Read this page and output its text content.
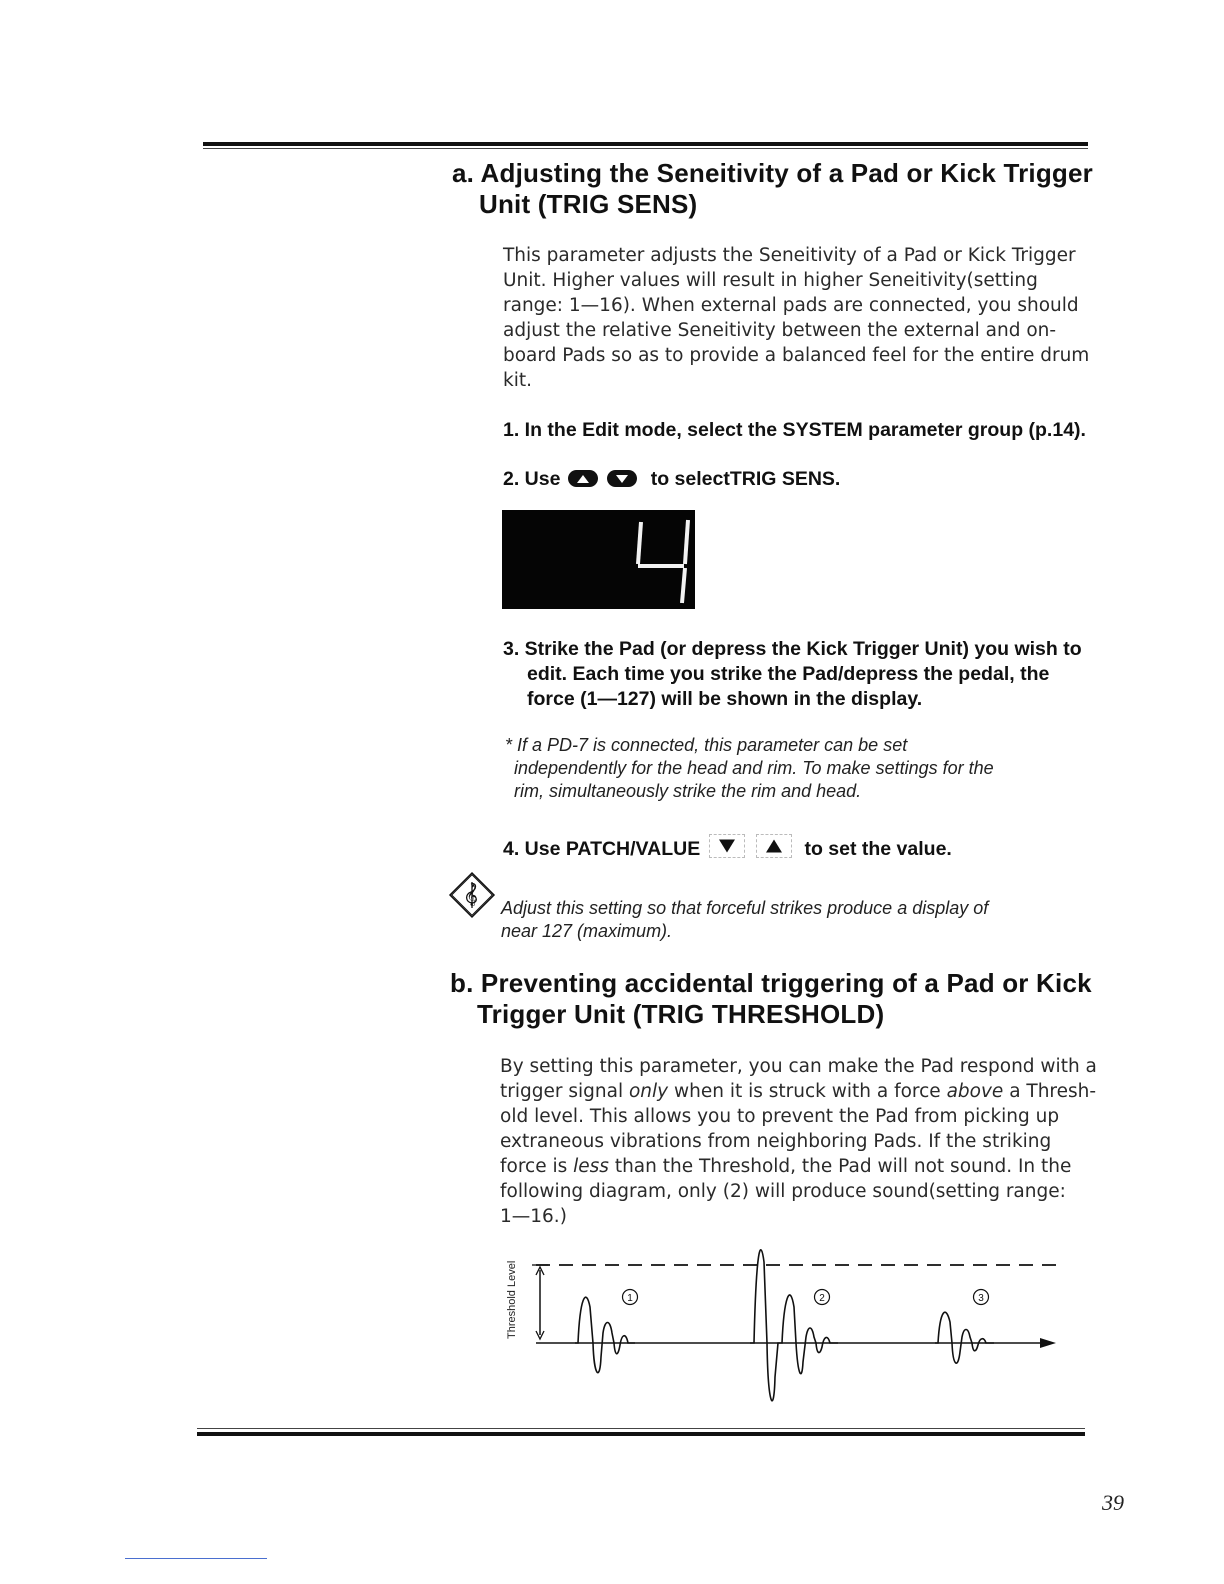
a. Adjusting the Seneitivity of a Pad or Kick Trigger
Unit (TRIG SENS)
This parameter adjusts the Seneitivity of a Pad or Kick Trigger
Unit. Higher values will result in higher Seneitivity(setting
range: 1—16). When external pads are connected, you should
adjust the relative Seneitivity between the external and on-
board Pads so as to provide a balanced feel for the entire drum
kit.
1. In the Edit mode, select the SYSTEM parameter group (p.14).
2. Use	to selectTRIG SENS.
3. Strike the Pad (or depress the Kick Trigger Unit) you wish to
edit. Each time you strike the Pad/depress the pedal, the
force (1—127) will be shown in the display.
* If a PD-7 is connected, this parameter can be set
independently for the head and rim. To make settings for the
rim, simultaneously strike the rim and head.
4. Use PATCH/VALUE	to set the value.
𝄞
Adjust this setting so that forceful strikes produce a display of
near 127 (maximum).
b. Preventing accidental triggering of a Pad or Kick
Trigger Unit (TRIG THRESHOLD)
By setting this parameter, you can make the Pad respond with a
trigger signal only when it is struck with a force above a Thresh-
old level. This allows you to prevent the Pad from picking up
extraneous vibrations from neighboring Pads. If the striking
force is less than the Threshold, the Pad will not sound. In the
following diagram, only (2) will produce sound(setting range:
1—16.)
Threshold Level	1	2	3
39
